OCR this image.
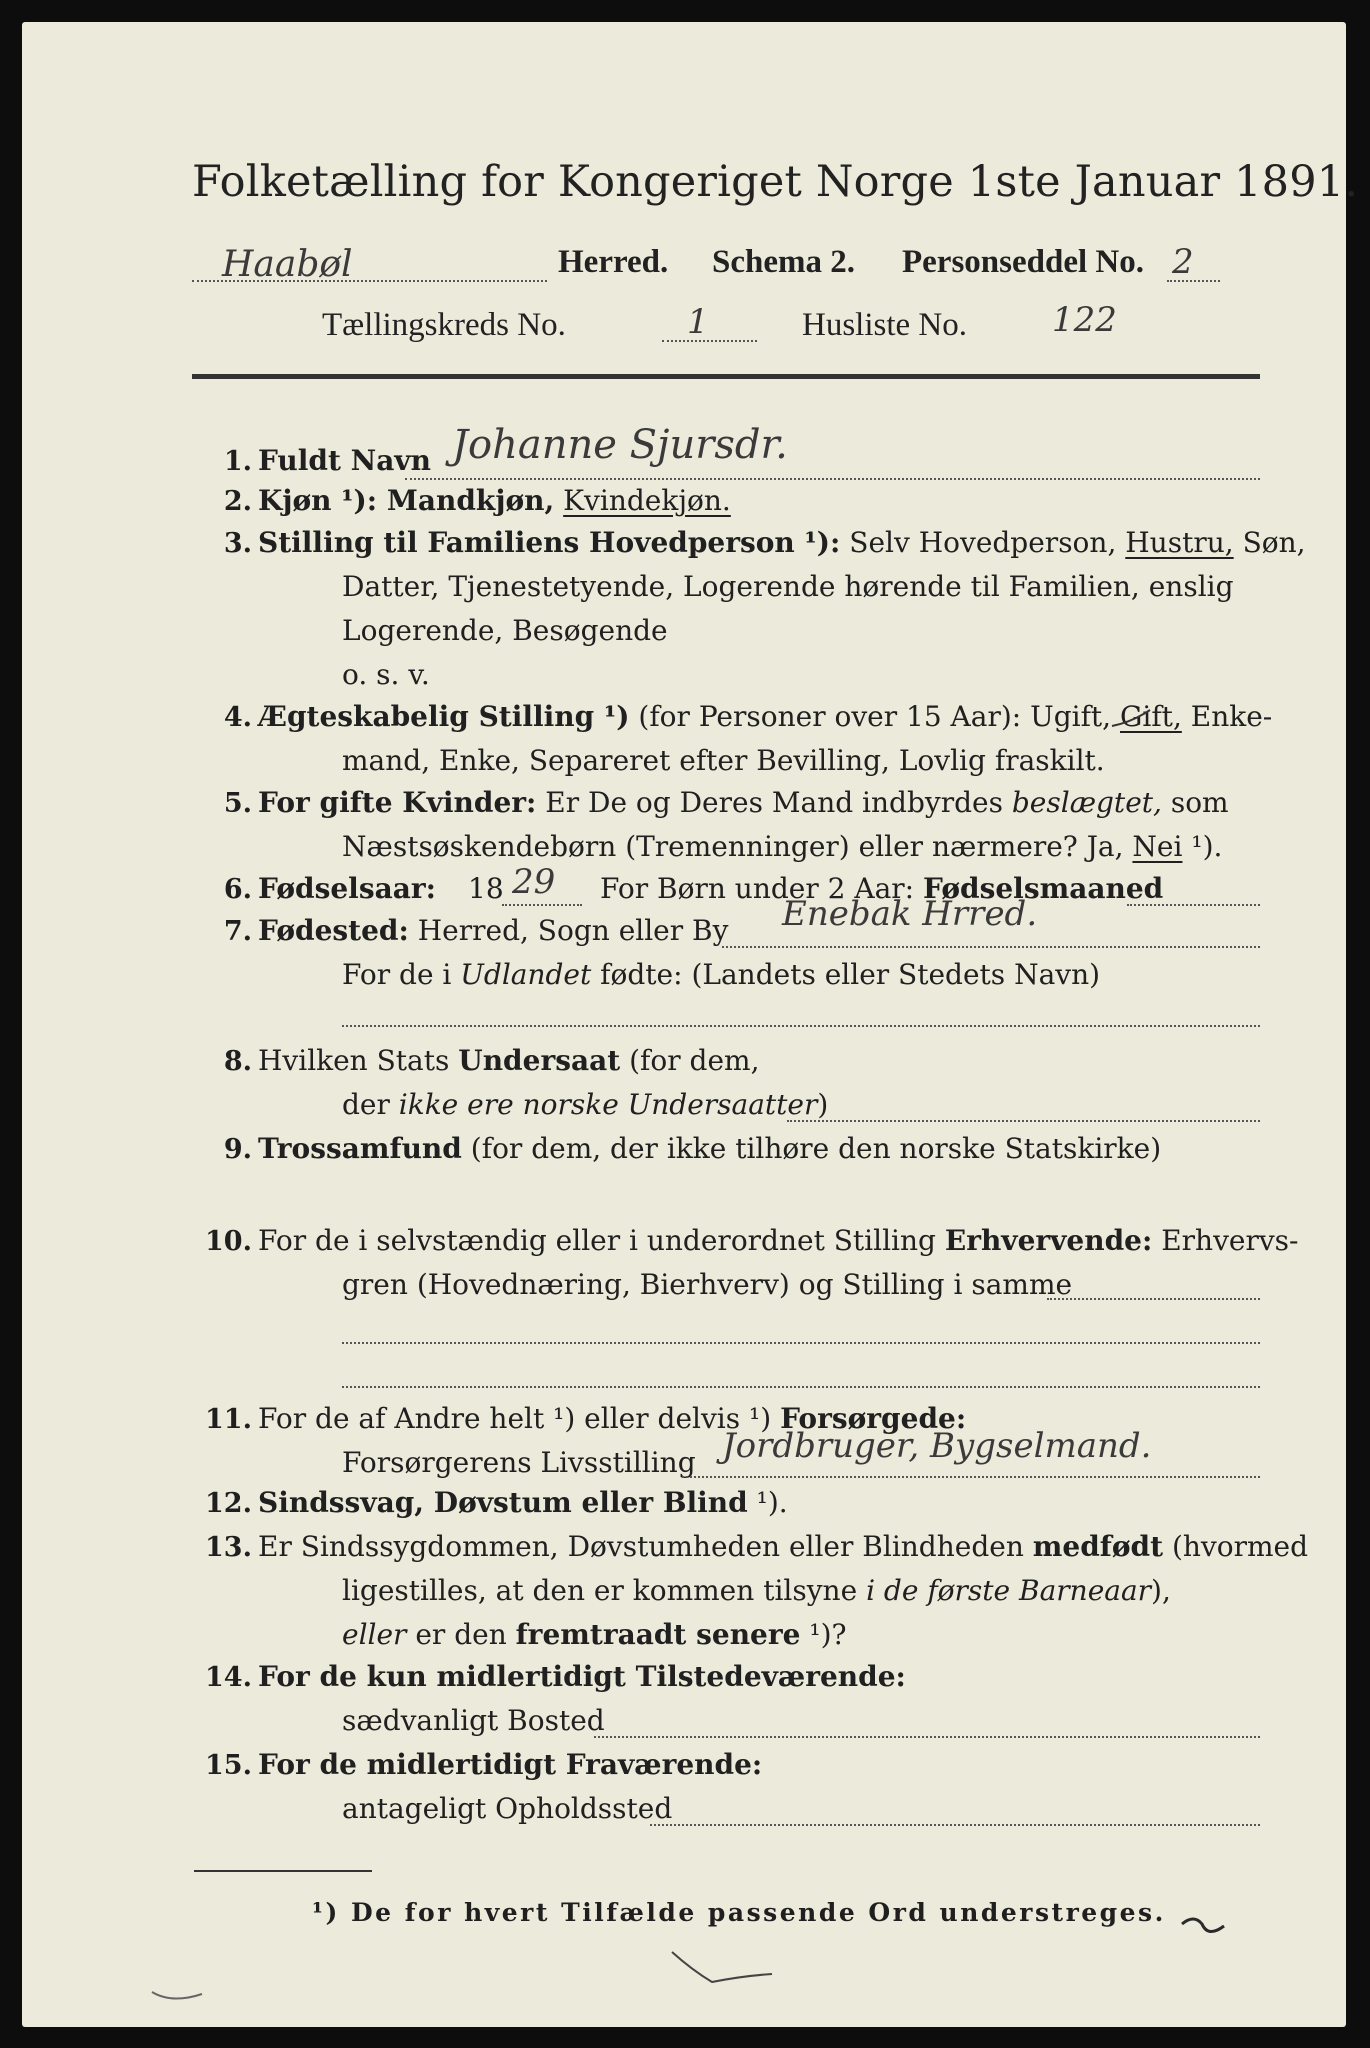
Folketælling for Kongeriget Norge 1ste Januar 1891.
Haabøl	Herred. Schema 2. Personseddel No. 2
Tællingskreds No.	1	Husliste No.	122
1. Fuldt Navn Johanne Sjursdr.
2. Kjøn ¹): Mandkjøn, Kvindekjøn.
3. Stilling til Familiens Hovedperson ¹): Selv Hovedperson, Hustru, Søn,
Datter, Tjenestetyende, Logerende hørende til Familien, enslig
Logerende, Besøgende
o. s. v.
4. Ægteskabelig Stilling ¹) (for Personer over 15 Aar): Ugift, Gift, Enke-
mand, Enke, Separeret efter Bevilling, Lovlig fraskilt.
5. For gifte Kvinder: Er De og Deres Mand indbyrdes beslægtet, som
Næstsøskendebørn (Tremenninger) eller nærmere? Ja, Nei ¹).
6. Fødselsaar: 18 29 For Børn under 2 Aar: Fødselsmaaned
7. Fødested: Herred, Sogn eller By Enebak Hrred.
For de i Udlandet fødte: (Landets eller Stedets Navn)
8. Hvilken Stats Undersaat (for dem,
der ikke ere norske Undersaatter)
9. Trossamfund (for dem, der ikke tilhøre den norske Statskirke)
10. For de i selvstændig eller i underordnet Stilling Erhvervende: Erhvervs-
gren (Hovednæring, Bierhverv) og Stilling i samme
11. For de af Andre helt ¹) eller delvis ¹) Forsørgede:
Forsørgerens Livsstilling Jordbruger, Bygselmand.
12. Sindssvag, Døvstum eller Blind ¹).
13. Er Sindssygdommen, Døvstumheden eller Blindheden medfødt (hvormed
ligestilles, at den er kommen tilsyne i de første Barneaar),
eller er den fremtraadt senere ¹)?
14. For de kun midlertidigt Tilstedeværende:
sædvanligt Bosted
15. For de midlertidigt Fraværende:
antageligt Opholdssted
¹) De for hvert Tilfælde passende Ord understreges.
